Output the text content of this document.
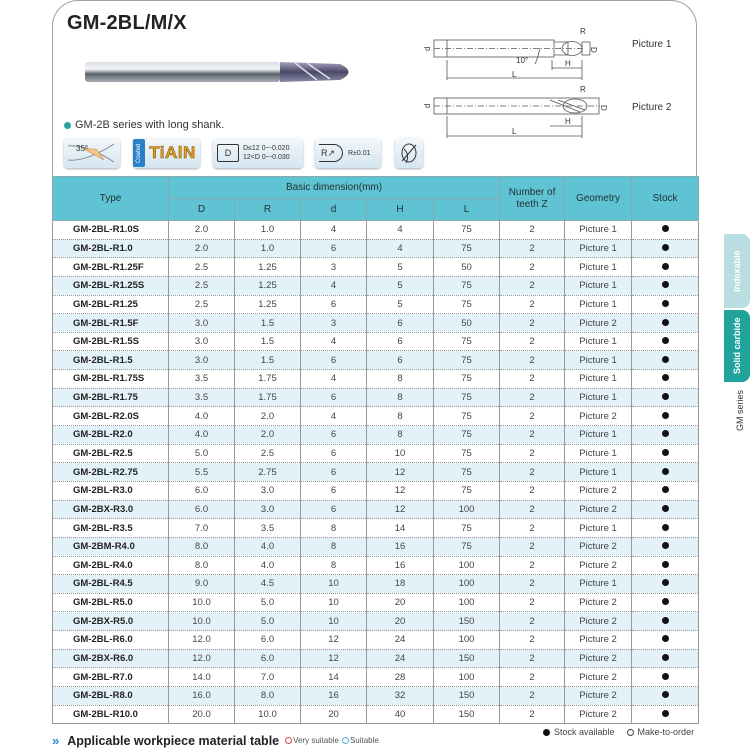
GM-2BL/M/X
GM-2B series with long shank.
35°	Coated TiAlN	D	D≤12 0~-0.020
12<D 0~-0.030	R ↗	R±0.01
d
R
D
H
L
10°
d
R
D
H
L
Picture 1
Picture 2
Type	Basic dimension(mm)					Number of teeth Z	Geometry	Stock
	D	R	d	H	L			
GM-2BL-R1.0S	2.0	1.0	4	4	75	2	Picture 1	
GM-2BL-R1.0	2.0	1.0	6	4	75	2	Picture 1	
GM-2BL-R1.25F	2.5	1.25	3	5	50	2	Picture 1	
GM-2BL-R1.25S	2.5	1.25	4	5	75	2	Picture 1	
GM-2BL-R1.25	2.5	1.25	6	5	75	2	Picture 1	
GM-2BL-R1.5F	3.0	1.5	3	6	50	2	Picture 2	
GM-2BL-R1.5S	3.0	1.5	4	6	75	2	Picture 1	
GM-2BL-R1.5	3.0	1.5	6	6	75	2	Picture 1	
GM-2BL-R1.75S	3.5	1.75	4	8	75	2	Picture 1	
GM-2BL-R1.75	3.5	1.75	6	8	75	2	Picture 1	
GM-2BL-R2.0S	4.0	2.0	4	8	75	2	Picture 2	
GM-2BL-R2.0	4.0	2.0	6	8	75	2	Picture 1	
GM-2BL-R2.5	5.0	2.5	6	10	75	2	Picture 1	
GM-2BL-R2.75	5.5	2.75	6	12	75	2	Picture 1	
GM-2BL-R3.0	6.0	3.0	6	12	75	2	Picture 2	
GM-2BX-R3.0	6.0	3.0	6	12	100	2	Picture 2	
GM-2BL-R3.5	7.0	3.5	8	14	75	2	Picture 1	
GM-2BM-R4.0	8.0	4.0	8	16	75	2	Picture 2	
GM-2BL-R4.0	8.0	4.0	8	16	100	2	Picture 2	
GM-2BL-R4.5	9.0	4.5	10	18	100	2	Picture 1	
GM-2BL-R5.0	10.0	5.0	10	20	100	2	Picture 2	
GM-2BX-R5.0	10.0	5.0	10	20	150	2	Picture 2	
GM-2BL-R6.0	12.0	6.0	12	24	100	2	Picture 2	
GM-2BX-R6.0	12.0	6.0	12	24	150	2	Picture 2	
GM-2BL-R7.0	14.0	7.0	14	28	100	2	Picture 2	
GM-2BL-R8.0	16.0	8.0	16	32	150	2	Picture 2	
GM-2BL-R10.0	20.0	10.0	20	40	150	2	Picture 2	
Indexable
Solid carbide
GM series
» Applicable workpiece material table	Very suitable	Suitable
Stock available	Make-to-order
